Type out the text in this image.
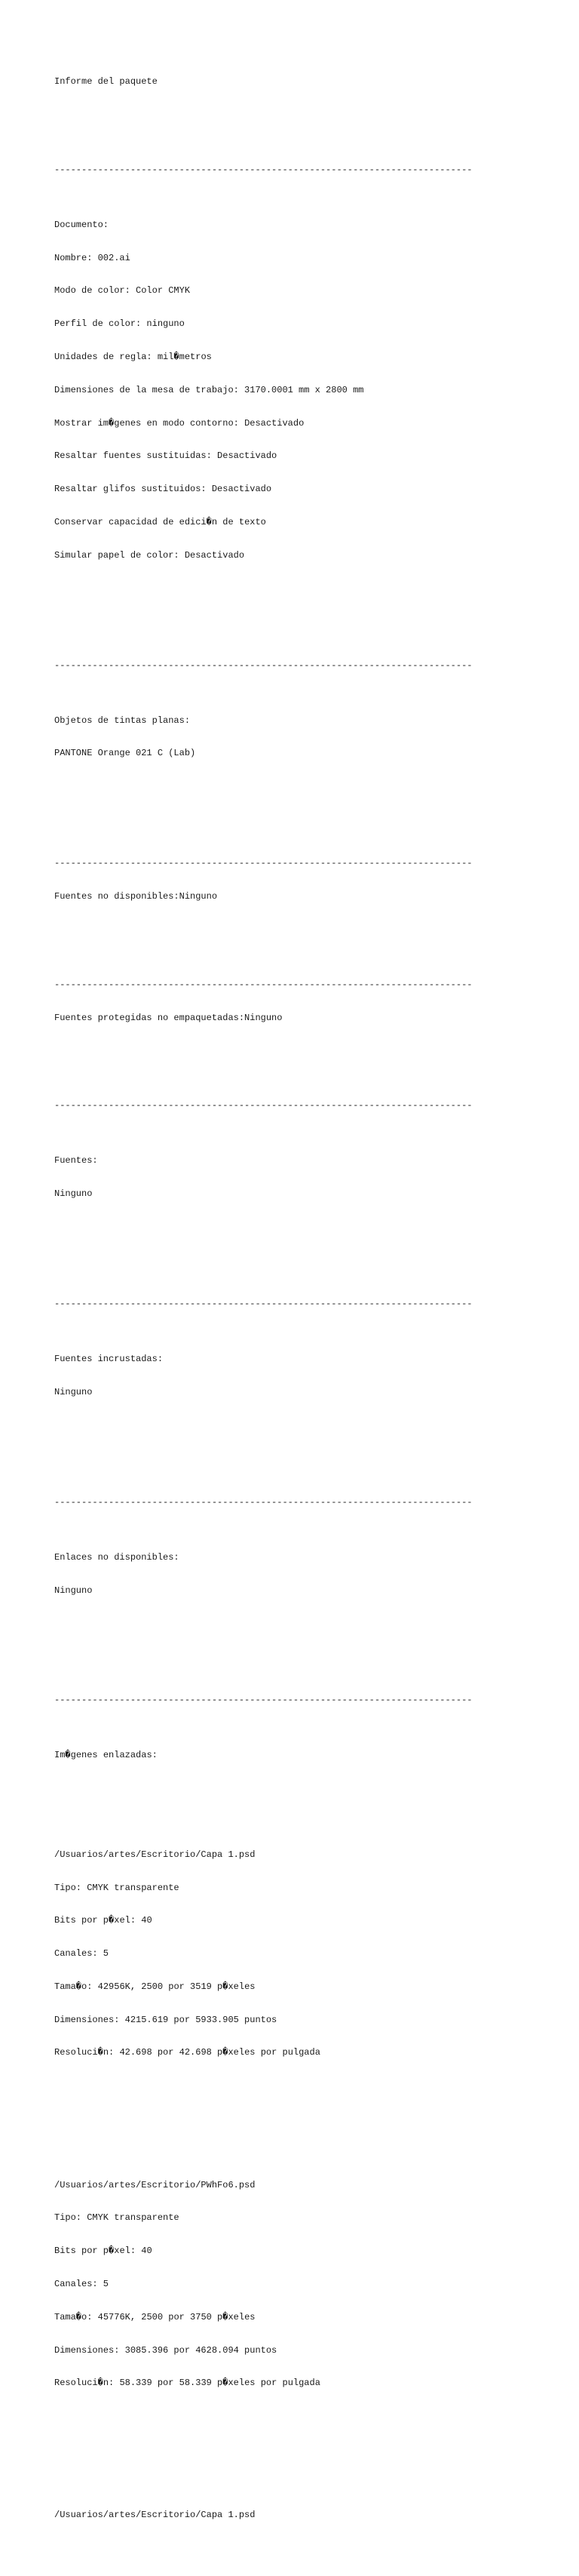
Informe del paquete

-----------------------------------------------------------------------------

Documento:

Nombre: 002.ai

Modo de color: Color CMYK

Perfil de color: ninguno

Unidades de regla: mil�metros

Dimensiones de la mesa de trabajo: 3170.0001 mm x 2800 mm

Mostrar im�genes en modo contorno: Desactivado

Resaltar fuentes sustituidas: Desactivado

Resaltar glifos sustituidos: Desactivado

Conservar capacidad de edici�n de texto

Simular papel de color: Desactivado

-----------------------------------------------------------------------------

Objetos de tintas planas:

PANTONE Orange 021 C (Lab)

-----------------------------------------------------------------------------

Fuentes no disponibles:Ninguno

-----------------------------------------------------------------------------

Fuentes protegidas no empaquetadas:Ninguno

-----------------------------------------------------------------------------

Fuentes:

Ninguno

-----------------------------------------------------------------------------

Fuentes incrustadas:

Ninguno

-----------------------------------------------------------------------------

Enlaces no disponibles:

Ninguno

-----------------------------------------------------------------------------

Im�genes enlazadas:

/Usuarios/artes/Escritorio/Capa 1.psd

Tipo: CMYK transparente

Bits por p�xel: 40

Canales: 5

Tama�o: 42956K, 2500 por 3519 p�xeles

Dimensiones: 4215.619 por 5933.905 puntos

Resoluci�n: 42.698 por 42.698 p�xeles por pulgada

/Usuarios/artes/Escritorio/PWhFo6.psd

Tipo: CMYK transparente

Bits por p�xel: 40

Canales: 5

Tama�o: 45776K, 2500 por 3750 p�xeles

Dimensiones: 3085.396 por 4628.094 puntos

Resoluci�n: 58.339 por 58.339 p�xeles por pulgada

/Usuarios/artes/Escritorio/Capa 1.psd
